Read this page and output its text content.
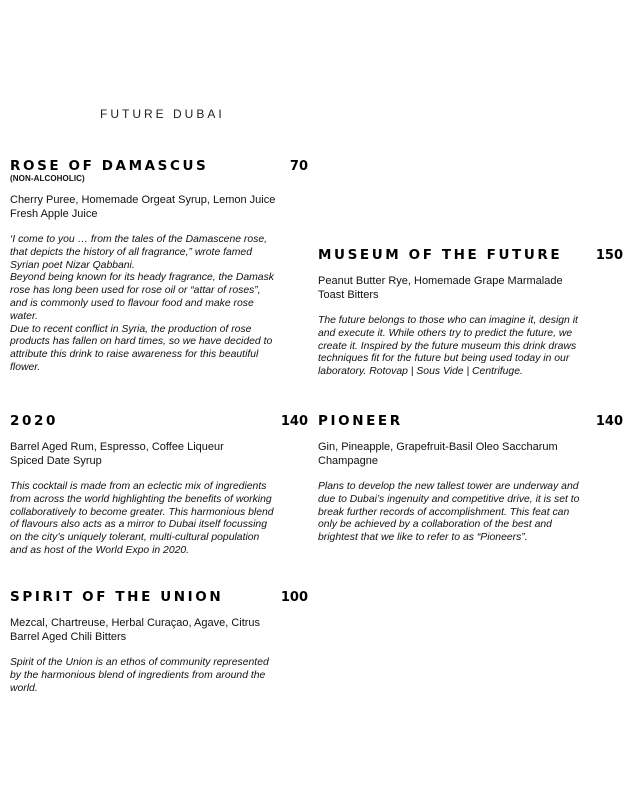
FUTURE DUBAI
ROSE OF DAMASCUS	70
(NON-ALCOHOLIC)
Cherry Puree, Homemade Orgeat Syrup, Lemon Juice
Fresh Apple Juice
‘I come to you … from the tales of the Damascene rose,
that depicts the history of all fragrance,” wrote famed
Syrian poet Nizar Qabbani.
Beyond being known for its heady fragrance, the Damask
rose has long been used for rose oil or “attar of roses”,
and is commonly used to flavour food and make rose
water.
Due to recent conflict in Syria, the production of rose
products has fallen on hard times, so we have decided to
attribute this drink to raise awareness for this beautiful
flower.
MUSEUM OF THE FUTURE	150
Peanut Butter Rye, Homemade Grape Marmalade
Toast Bitters
The future belongs to those who can imagine it, design it
and execute it. While others try to predict the future, we
create it. Inspired by the future museum this drink draws
techniques fit for the future but being used today in our
laboratory. Rotovap | Sous Vide | Centrifuge.
2020	140
Barrel Aged Rum, Espresso, Coffee Liqueur
Spiced Date Syrup
This cocktail is made from an eclectic mix of ingredients
from across the world highlighting the benefits of working
collaboratively to become greater. This harmonious blend
of flavours also acts as a mirror to Dubai itself focussing
on the city’s uniquely tolerant, multi-cultural population
and as host of the World Expo in 2020.
PIONEER	140
Gin, Pineapple, Grapefruit-Basil Oleo Saccharum
Champagne
Plans to develop the new tallest tower are underway and
due to Dubai’s ingenuity and competitive drive, it is set to
break further records of accomplishment. This feat can
only be achieved by a collaboration of the best and
brightest that we like to refer to as “Pioneers”.
SPIRIT OF THE UNION	100
Mezcal, Chartreuse, Herbal Curaçao, Agave, Citrus
Barrel Aged Chili Bitters
Spirit of the Union is an ethos of community represented
by the harmonious blend of ingredients from around the
world.
